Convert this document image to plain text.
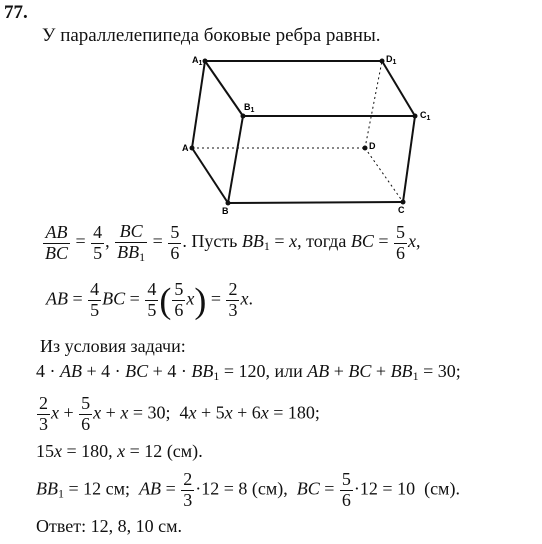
77.
У параллелепипеда боковые ребра равны.
$A_1$	$D_1$
$B_1$	$C_1$
A	D
B	C
$\frac{AB}{BC} = \frac{4}{5}$ , $\frac{BC}{BB_1} = \frac{5}{6}$ . Пусть $BB_1 = x$, тогда BC = $\frac{5}{6} x$,
AB = $\frac{4}{5}$ BC = $\frac{4}{5}$ ( $\frac{5}{6} x) = \frac{2}{3} x$.
Из условия задачи:
4 · AB + 4 · BC + $4 \cdot BB_1 = 120$, или AB + BC + $BB_1 = 30$;
$\frac{2}{3}$ $x + \frac{5}{6}$ x + x = 30;  4x + 5x + 6x = 180;
15x = 180, x = 12 (см).
$BB_1 = 12$ см;  AB = $\frac{2}{3} \cdot 12 = 8$ (см),  BC = $\frac{5}{6} \cdot 12 = 10$  (см).
Ответ: 12, 8, 10 см.
